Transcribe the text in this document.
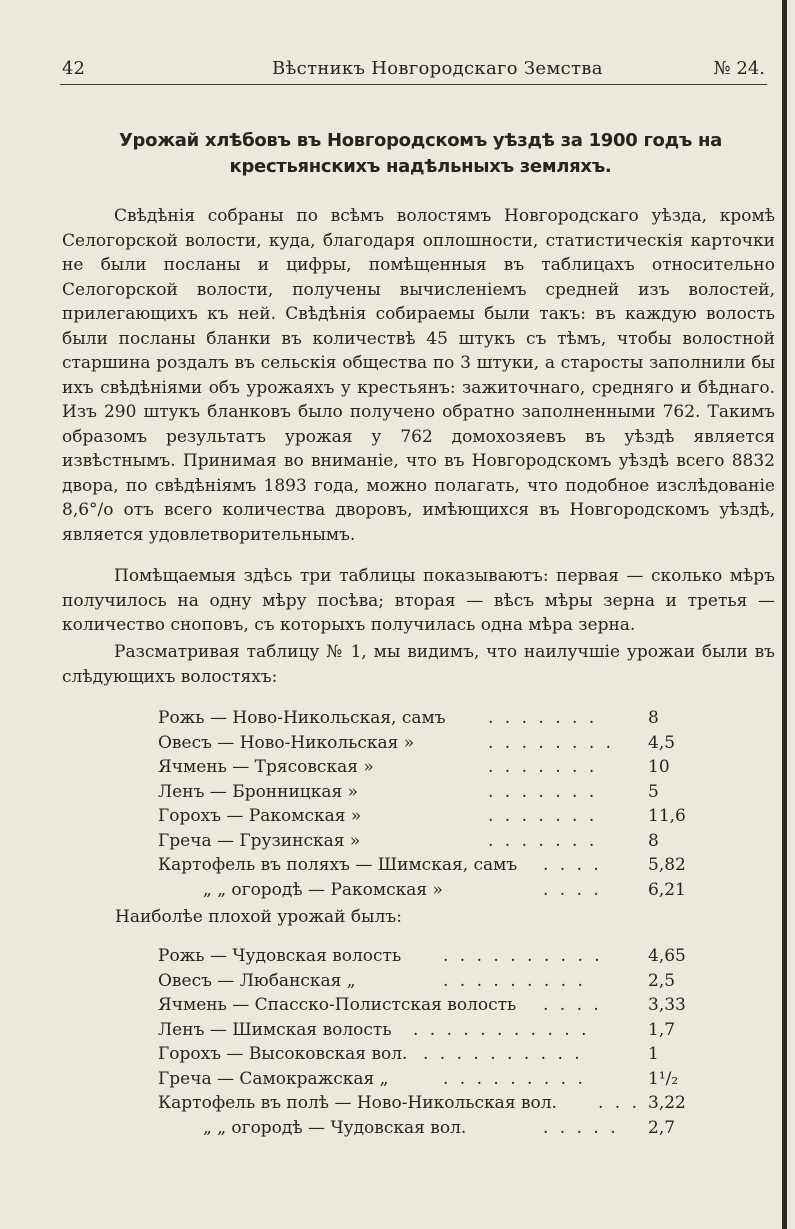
42	Вѣстникъ Новгородскаго Земства	№ 24.
Урожай хлѣбовъ въ Новгородскомъ уѣздѣ за 1900 годъ на крестьянскихъ надѣльныхъ земляхъ.

Свѣдѣнія собраны по всѣмъ волостямъ Новгородскаго уѣзда, кромѣ Селогорской волости, куда, благодаря оплошности, статистическія карточки не были посланы и цифры, помѣщенныя въ таблицахъ относительно Селогорской волости, получены вычисленіемъ средней изъ волостей, прилегающихъ къ ней. Свѣдѣнія собираемы были такъ: въ каждую волость были посланы бланки въ количествѣ 45 штукъ съ тѣмъ, чтобы волостной старшина роздалъ въ сельскія общества по 3 штуки, а старосты заполнили бы ихъ свѣдѣніями объ урожаяхъ у крестьянъ: зажиточнаго, средняго и бѣднаго. Изъ 290 штукъ бланковъ было получено обратно заполненными 762. Такимъ образомъ результатъ урожая у 762 домохозяевъ въ уѣздѣ является извѣстнымъ. Принимая во вниманіе, что въ Новгородскомъ уѣздѣ всего 8832 двора, по свѣдѣніямъ 1893 года, можно полагать, что подобное изслѣдованіе 8,6°/о отъ всего количества дворовъ, имѣющихся въ Новгородскомъ уѣздѣ, является удовлетворительнымъ.

Помѣщаемыя здѣсь три таблицы показываютъ: первая — сколько мѣръ получилось на одну мѣру посѣва; вторая — вѣсъ мѣры зерна и третья — количество сноповъ, съ которыхъ получилась одна мѣра зерна.

Разсматривая таблицу № 1, мы видимъ, что наилучшіе урожаи были въ слѣдующихъ волостяхъ:

Рожь — Ново-Никольская, самъ . . . . . . .	8
Овесъ — Ново-Никольская »	. . . . . . . .	4,5
Ячмень — Трясовская »	. . . . . . .	10
Ленъ — Бронницкая »	. . . . . . .	5
Горохъ — Ракомская »	. . . . . . .	11,6
Греча — Грузинская »	. . . . . . .	8
Картофель въ поляхъ — Шимская, самъ . . . .	5,82
„ „ огородѣ — Ракомская »	. . . .	6,21
Наиболѣе плохой урожай былъ:
Рожь — Чудовская волость . . . . . . . . . .	4,65
Овесъ — Любанская „	. . . . . . . . .	2,5
Ячмень — Спасско-Полистская волость . . . .	3,33
Ленъ — Шимская волость . . . . . . . . . . .	1,7
Горохъ — Высоковская вол. . . . . . . . . . .	1
Греча — Самокражская „	. . . . . . . . .	1¹/₂
Картофель въ полѣ — Ново-Никольская вол. . . . 3,22
„ „ огородѣ — Чудовская вол.	. . . . .	2,7
